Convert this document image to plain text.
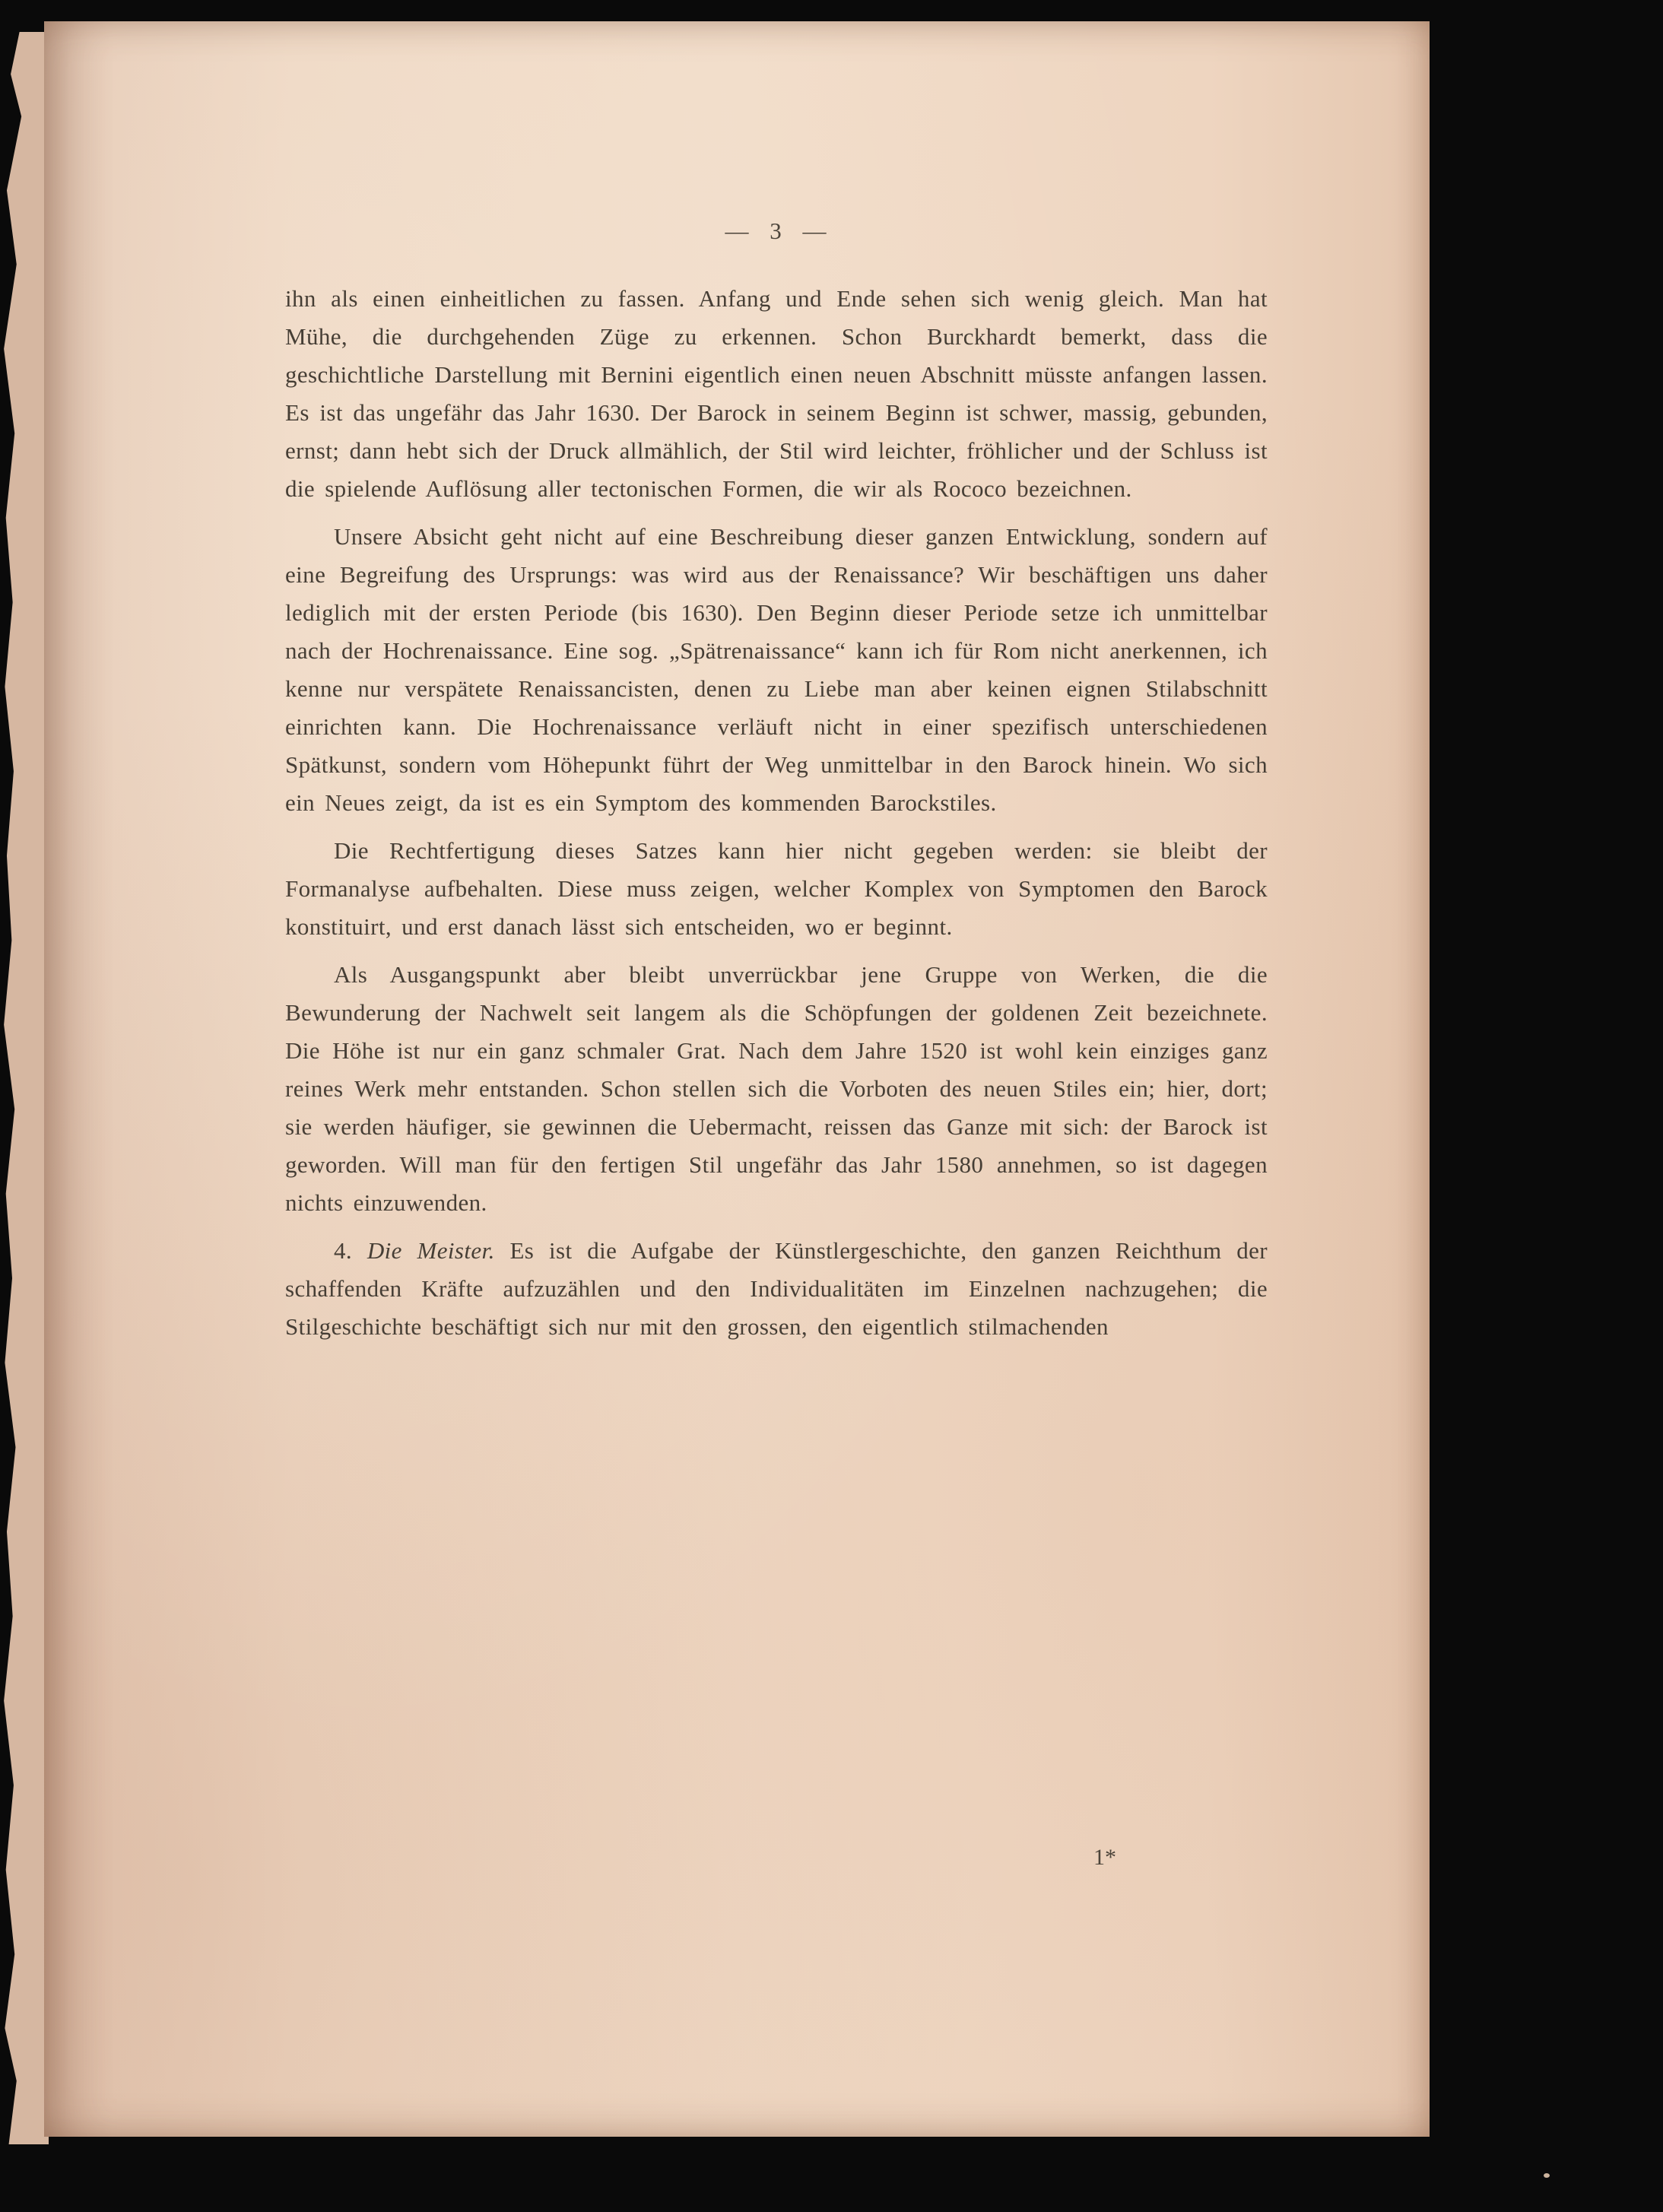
— 3 —

ihn als einen einheitlichen zu fassen. Anfang und Ende sehen sich wenig gleich. Man hat Mühe, die durchgehenden Züge zu erkennen. Schon Burckhardt bemerkt, dass die geschichtliche Darstellung mit Bernini eigentlich einen neuen Abschnitt müsste anfangen lassen. Es ist das ungefähr das Jahr 1630. Der Barock in seinem Beginn ist schwer, massig, gebunden, ernst; dann hebt sich der Druck allmählich, der Stil wird leichter, fröhlicher und der Schluss ist die spielende Auflösung aller tectonischen Formen, die wir als Rococo bezeichnen.

Unsere Absicht geht nicht auf eine Beschreibung dieser ganzen Entwicklung, sondern auf eine Begreifung des Ursprungs: was wird aus der Renaissance? Wir beschäftigen uns daher lediglich mit der ersten Periode (bis 1630). Den Beginn dieser Periode setze ich unmittelbar nach der Hochrenaissance. Eine sog. „Spätrenaissance“ kann ich für Rom nicht anerkennen, ich kenne nur verspätete Renaissancisten, denen zu Liebe man aber keinen eignen Stilabschnitt einrichten kann. Die Hochrenaissance verläuft nicht in einer spezifisch unterschiedenen Spätkunst, sondern vom Höhepunkt führt der Weg unmittelbar in den Barock hinein. Wo sich ein Neues zeigt, da ist es ein Symptom des kommenden Barockstiles.

Die Rechtfertigung dieses Satzes kann hier nicht gegeben werden: sie bleibt der Formanalyse aufbehalten. Diese muss zeigen, welcher Komplex von Symptomen den Barock konstituirt, und erst danach lässt sich entscheiden, wo er beginnt.

Als Ausgangspunkt aber bleibt unverrückbar jene Gruppe von Werken, die die Bewunderung der Nachwelt seit langem als die Schöpfungen der goldenen Zeit bezeichnete. Die Höhe ist nur ein ganz schmaler Grat. Nach dem Jahre 1520 ist wohl kein einziges ganz reines Werk mehr entstanden. Schon stellen sich die Vorboten des neuen Stiles ein; hier, dort; sie werden häufiger, sie gewinnen die Uebermacht, reissen das Ganze mit sich: der Barock ist geworden. Will man für den fertigen Stil ungefähr das Jahr 1580 annehmen, so ist dagegen nichts einzuwenden.

4. Die Meister. Es ist die Aufgabe der Künstlergeschichte, den ganzen Reichthum der schaffenden Kräfte aufzuzählen und den Individualitäten im Einzelnen nachzugehen; die Stilgeschichte beschäftigt sich nur mit den grossen, den eigentlich stilmachenden

1*
